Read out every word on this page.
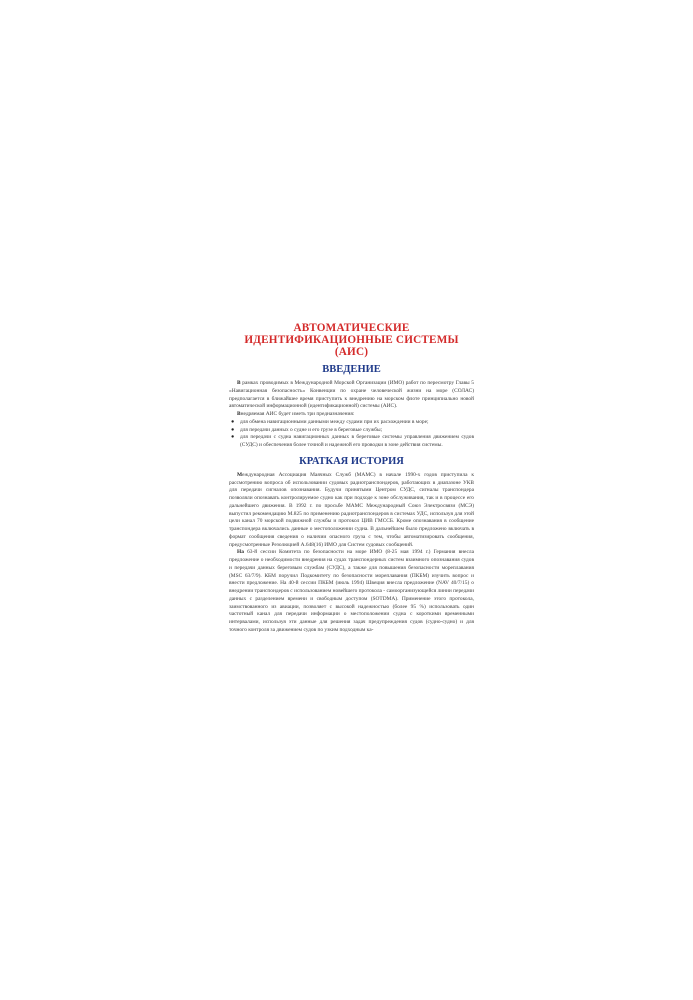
АВТОМАТИЧЕСКИЕ
ИДЕНТИФИКАЦИОННЫЕ СИСТЕМЫ (АИС)
ВВЕДЕНИЕ

В рамках проводимых в Международной Морской Организации (ИМО) работ по пересмотру Главы 5 «Навигационная безопасность» Конвенции по охране человеческой жизни на море (СОЛАС) предполагается в ближайшее время приступить к внедрению на морском флоте принципиально новой автоматической информационной (идентификационной) системы (АИС).

Внедряемая АИС будет иметь три предназначения:

● для обмена навигационными данными между судами при их расхождении в море;
● для передачи данных о судне и его грузе в береговые службы;
● для передачи с судна навигационных данных в береговые системы управления движением судов (СУДС) и обеспечения более точной и надежной его проводки в зоне действия системы.
КРАТКАЯ ИСТОРИЯ

Международная Ассоциация Маячных Служб (МАМС) в начале 1990-х годов приступила к рассмотрению вопроса об использовании судовых радиотранспондеров, работающих в диапазоне УКВ для передачи сигналов опознавания. Будучи принятыми Центром СУДС, сигналы транспондера позволяли опознавать контролируемое судно как при подходе к зоне обслуживания, так и в процессе его дальнейшего движения. В 1992 г. по просьбе МАМС Международный Союз Электросвязи (МСЭ) выпустил рекомендацию М.825 по применению радиотранспондеров в системах УДС, используя для этой цели канал 70 морской подвижной службы и протокол ЦИВ ГМССБ. Кроме опознавания в сообщение транспондера включались данные о местоположении судна. В дальнейшем было предложено включать в формат сообщения сведения о наличии опасного груза с тем, чтобы автоматизировать сообщения, предусмотренные Резолюцией А.648(16) ИМО для Систем судовых сообщений.

На 63-й сессии Комитета по безопасности на море ИМО (8-25 мая 1994 г.) Германия внесла предложение о необходимости внедрения на судах транспондерных систем взаимного опознавания судов и передачи данных береговым службам (СУДС), а также для повышения безопасности мореплавания (MSC 63/7/9). КБМ поручил Подкомитету по безопасности мореплавания (ПКБМ) изучить вопрос и внести предложение. На 40-й сессии ПКБМ (июль 1994) Швеция внесла предложение (NAV 40/7/15) о внедрении транспондеров с использованием новейшего протокола - самоорганизующейся линии передачи данных с разделением времени и свободным доступом (SOTDMA). Применение этого протокола, заимствованного из авиации, позволяет с высокой надежностью (более 95 %) использовать один частотный канал для передачи информации о местоположении судна с короткими временными интервалами, используя эти данные для решения задач предупреждения судов (судно-судно) и для точного контроля за движением судов по узким подходным ка-
